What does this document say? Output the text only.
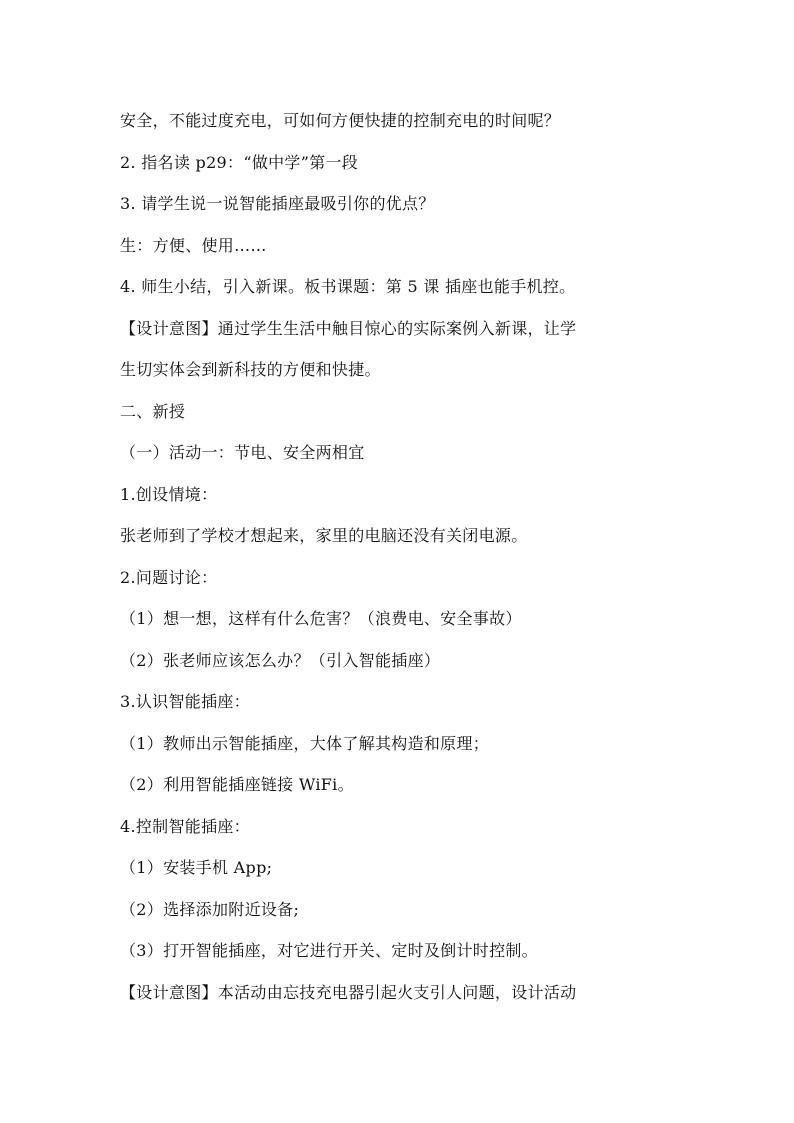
安全，不能过度充电，可如何方便快捷的控制充电的时间呢？
2. 指名读 p29：“做中学”第一段
3. 请学生说一说智能插座最吸引你的优点？
生：方便、使用……
4. 师生小结，引入新课。板书课题：第 5 课 插座也能手机控。
【设计意图】通过学生生活中触目惊心的实际案例入新课，让学
生切实体会到新科技的方便和快捷。
二、新授
（一）活动一：节电、安全两相宜
1.创设情境：
张老师到了学校才想起来，家里的电脑还没有关闭电源。
2.问题讨论：
（1）想一想，这样有什么危害？（浪费电、安全事故）
（2）张老师应该怎么办？（引入智能插座）
3.认识智能插座：
（1）教师出示智能插座，大体了解其构造和原理；
（2）利用智能插座链接 WiFi。
4.控制智能插座：
（1）安装手机 App;
（2）选择添加附近设备;
（3）打开智能插座，对它进行开关、定时及倒计时控制。
【设计意图】本活动由忘技充电器引起火支引人问题，设计活动
